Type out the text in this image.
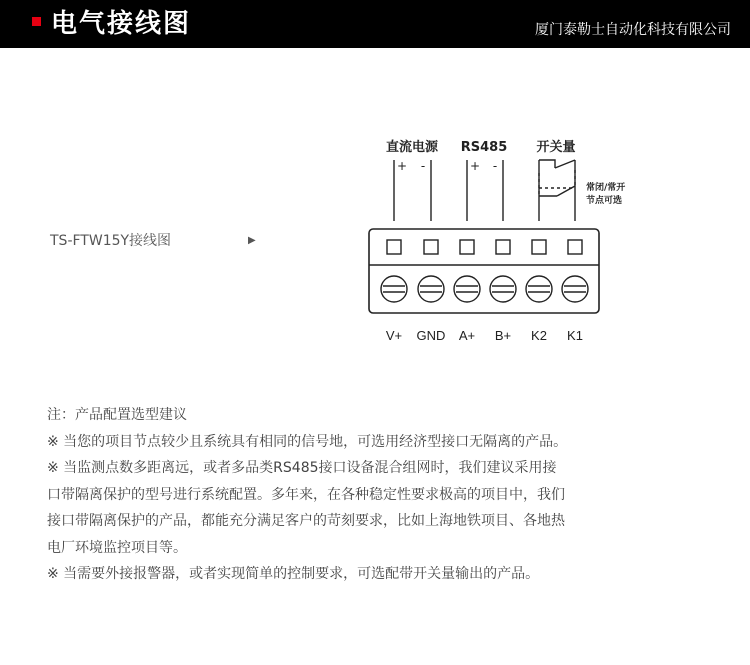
电气接线图	厦门泰勒士自动化科技有限公司
TS-FTW15Y接线图	▶
直流电源 RS485 开关量
+ -	+ -
常闭/常开
节点可选
V+ GND A+ B+ K2 K1

注：产品配置选型建议

※ 当您的项目节点较少且系统具有相同的信号地，可选用经济型接口无隔离的产品。

※ 当监测点数多距离远，或者多品类RS485接口设备混合组网时，我们建议采用接

口带隔离保护的型号进行系统配置。多年来，在各种稳定性要求极高的项目中，我们

接口带隔离保护的产品，都能充分满足客户的苛刻要求，比如上海地铁项目、各地热

电厂环境监控项目等。

※ 当需要外接报警器，或者实现简单的控制要求，可选配带开关量输出的产品。
